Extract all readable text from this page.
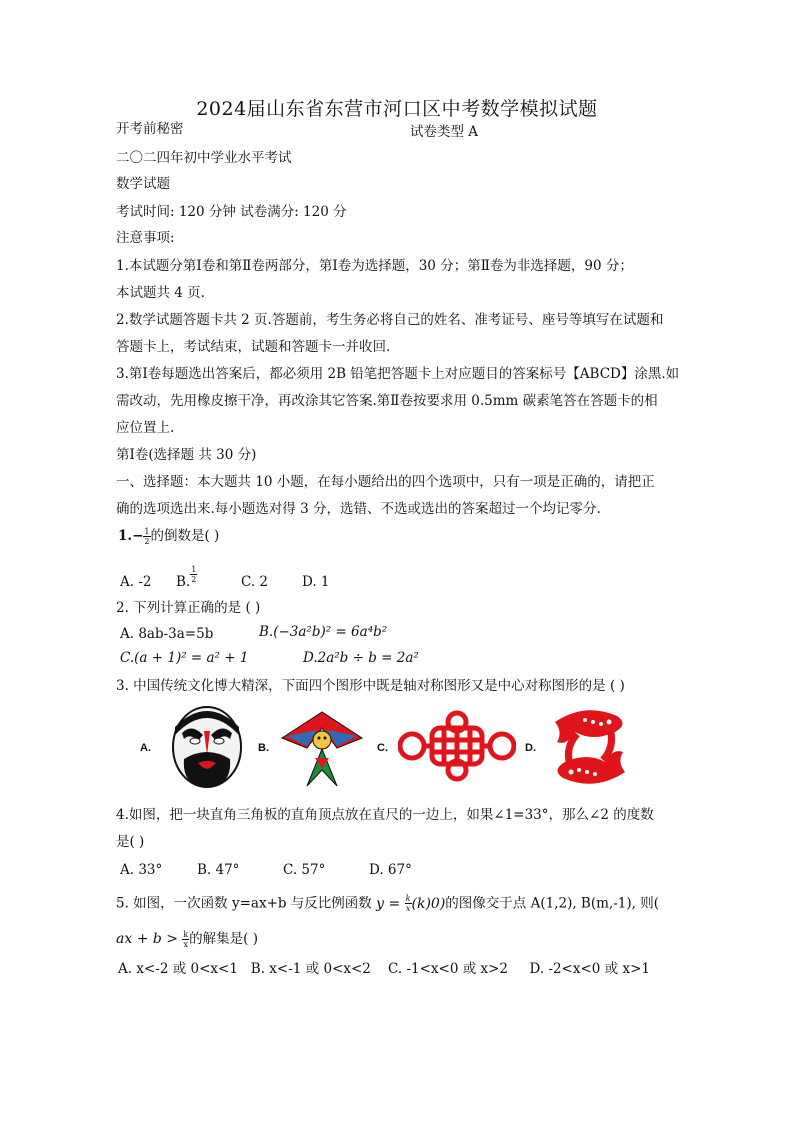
2024届山东省东营市河口区中考数学模拟试题
开考前秘密	试卷类型 A
二〇二四年初中学业水平考试
数学试题
考试时间: 120 分钟 试卷满分: 120 分
注意事项:
1.本试题分第Ⅰ卷和第Ⅱ卷两部分，第Ⅰ卷为选择题，30 分；第Ⅱ卷为非选择题，90 分；
本试题共 4 页.
2.数学试题答题卡共 2 页.答题前，考生务必将自己的姓名、准考证号、座号等填写在试题和
答题卡上，考试结束，试题和答题卡一并收回.
3.第Ⅰ卷每题选出答案后，都必须用 2B 铅笔把答题卡上对应题目的答案标号【ABCD】涂黑.如
需改动，先用橡皮擦干净，再改涂其它答案.第Ⅱ卷按要求用 0.5mm 碳素笔答在答题卡的相
应位置上.
第Ⅰ卷(选择题 共 30 分)
一、选择题：本大题共 10 小题，在每小题给出的四个选项中，只有一项是正确的，请把正
确的选项选出来.每小题选对得 3 分，选错、不选或选出的答案超过一个均记零分.
$1.- \frac{1}{2}$ 的倒数是( )
A. -2 B. $\frac{1}{2}$	C. 2	D. 1
2. 下列计算正确的是 ( )
A. 8ab-3a=5b	B.(−3a²b)² = 6a⁴b²
C.(a + 1)² = a² + 1	D.2a²b ÷ b = 2a²
3. 中国传统文化博大精深，下面四个图形中既是轴对称图形又是中心对称图形的是 ( )
A.	B.	C.	D.
4.如图，把一块直角三角板的直角顶点放在直尺的一边上，如果∠1=33°，那么∠2 的度数
是( )
A. 33°	B. 47°	C. 57°	D. 67°
5. 如图，一次函数 y=ax+b 与反比例函数 $y = \frac{k}{x} (k)0$)的图像交于点 A(1,2), B(m,-1), 则(
ax + $b > \frac{k}{x}$ 的解集是( )
A. x<-2 或 0<x<1   B. x<-1 或 0<x<2    C. -1<x<0 或 x>2     D. -2<x<0 或 x>1
